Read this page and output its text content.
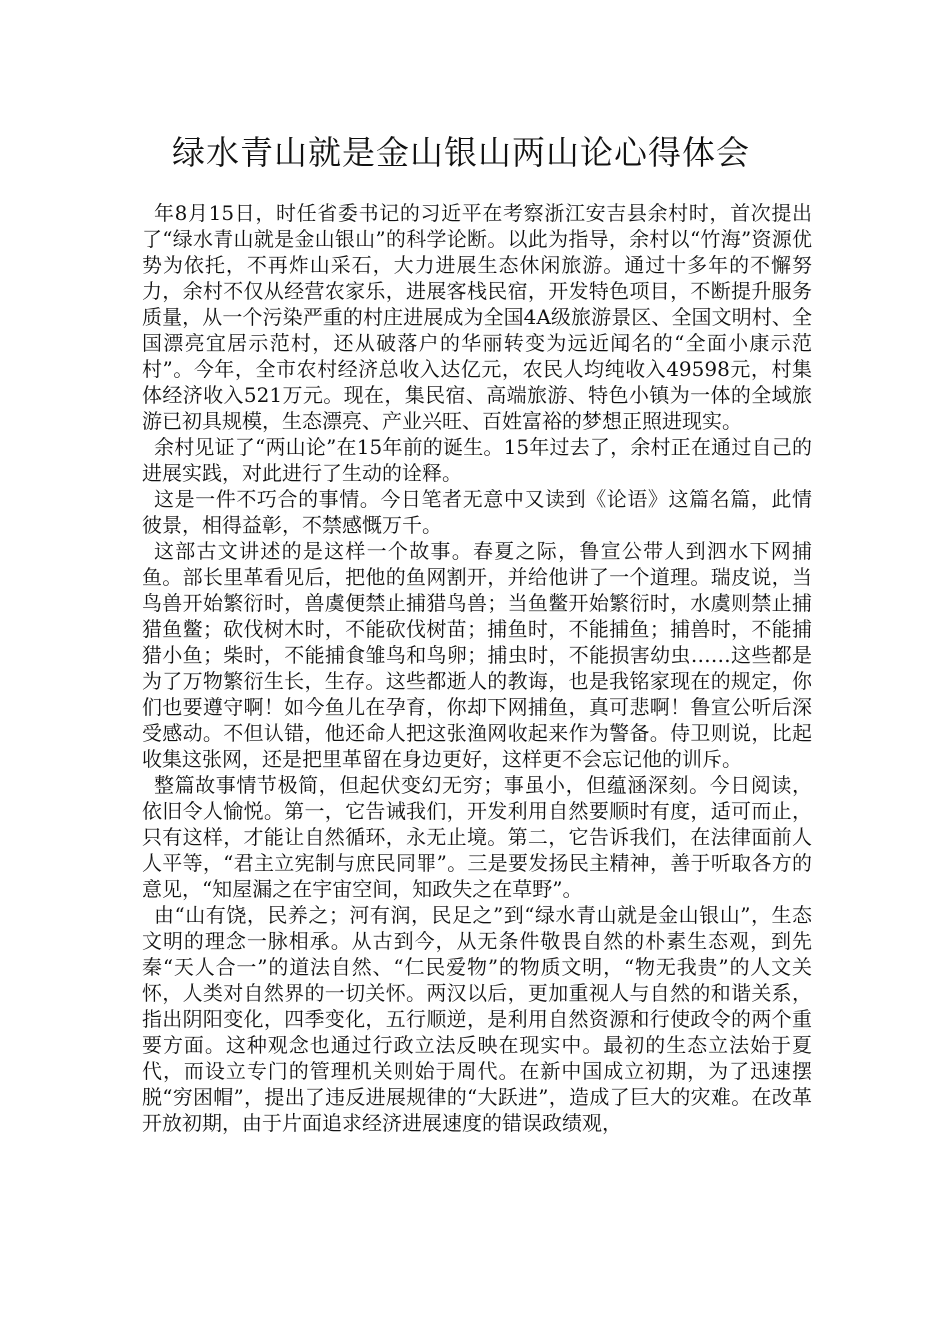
绿水青山就是金山银山两山论心得体会

年8月15日，时任省委书记的习近平在考察浙江安吉县余村时，首次提出了“绿水青山就是金山银山”的科学论断。以此为指导，余村以“竹海”资源优势为依托，不再炸山采石，大力进展生态休闲旅游。通过十多年的不懈努力，余村不仅从经营农家乐，进展客栈民宿，开发特色项目，不断提升服务质量，从一个污染严重的村庄进展成为全国4A级旅游景区、全国文明村、全国漂亮宜居示范村，还从破落户的华丽转变为远近闻名的“全面小康示范村”。今年，全市农村经济总收入达亿元，农民人均纯收入49598元，村集体经济收入521万元。现在，集民宿、高端旅游、特色小镇为一体的全域旅游已初具规模，生态漂亮、产业兴旺、百姓富裕的梦想正照进现实。

余村见证了“两山论”在15年前的诞生。15年过去了，余村正在通过自己的进展实践，对此进行了生动的诠释。

这是一件不巧合的事情。今日笔者无意中又读到《论语》这篇名篇，此情彼景，相得益彰，不禁感慨万千。

这部古文讲述的是这样一个故事。春夏之际，鲁宣公带人到泗水下网捕鱼。部长里革看见后，把他的鱼网割开，并给他讲了一个道理。瑞皮说，当鸟兽开始繁衍时，兽虞便禁止捕猎鸟兽；当鱼鳖开始繁衍时，水虞则禁止捕猎鱼鳖；砍伐树木时，不能砍伐树苗；捕鱼时，不能捕鱼；捕兽时，不能捕猎小鱼；柴时，不能捕食雏鸟和鸟卵；捕虫时，不能损害幼虫……这些都是为了万物繁衍生长，生存。这些都逝人的教诲，也是我铭家现在的规定，你们也要遵守啊！如今鱼儿在孕育，你却下网捕鱼，真可悲啊！鲁宣公听后深受感动。不但认错，他还命人把这张渔网收起来作为警备。侍卫则说，比起收集这张网，还是把里革留在身边更好，这样更不会忘记他的训斥。

整篇故事情节极简，但起伏变幻无穷；事虽小，但蕴涵深刻。今日阅读，依旧令人愉悦。第一，它告诫我们，开发利用自然要顺时有度，适可而止，只有这样，才能让自然循环，永无止境。第二，它告诉我们，在法律面前人人平等，“君主立宪制与庶民同罪”。三是要发扬民主精神，善于听取各方的意见，“知屋漏之在宇宙空间，知政失之在草野”。

由“山有饶，民养之；河有润，民足之”到“绿水青山就是金山银山”，生态文明的理念一脉相承。从古到今，从无条件敬畏自然的朴素生态观，到先秦“天人合一”的道法自然、“仁民爱物”的物质文明，“物无我贵”的人文关怀，人类对自然界的一切关怀。两汉以后，更加重视人与自然的和谐关系，指出阴阳变化，四季变化，五行顺逆，是利用自然资源和行使政令的两个重要方面。这种观念也通过行政立法反映在现实中。最初的生态立法始于夏代，而设立专门的管理机关则始于周代。在新中国成立初期，为了迅速摆脱“穷困帽”，提出了违反进展规律的“大跃进”，造成了巨大的灾难。在改革开放初期，由于片面追求经济进展速度的错误政绩观，
